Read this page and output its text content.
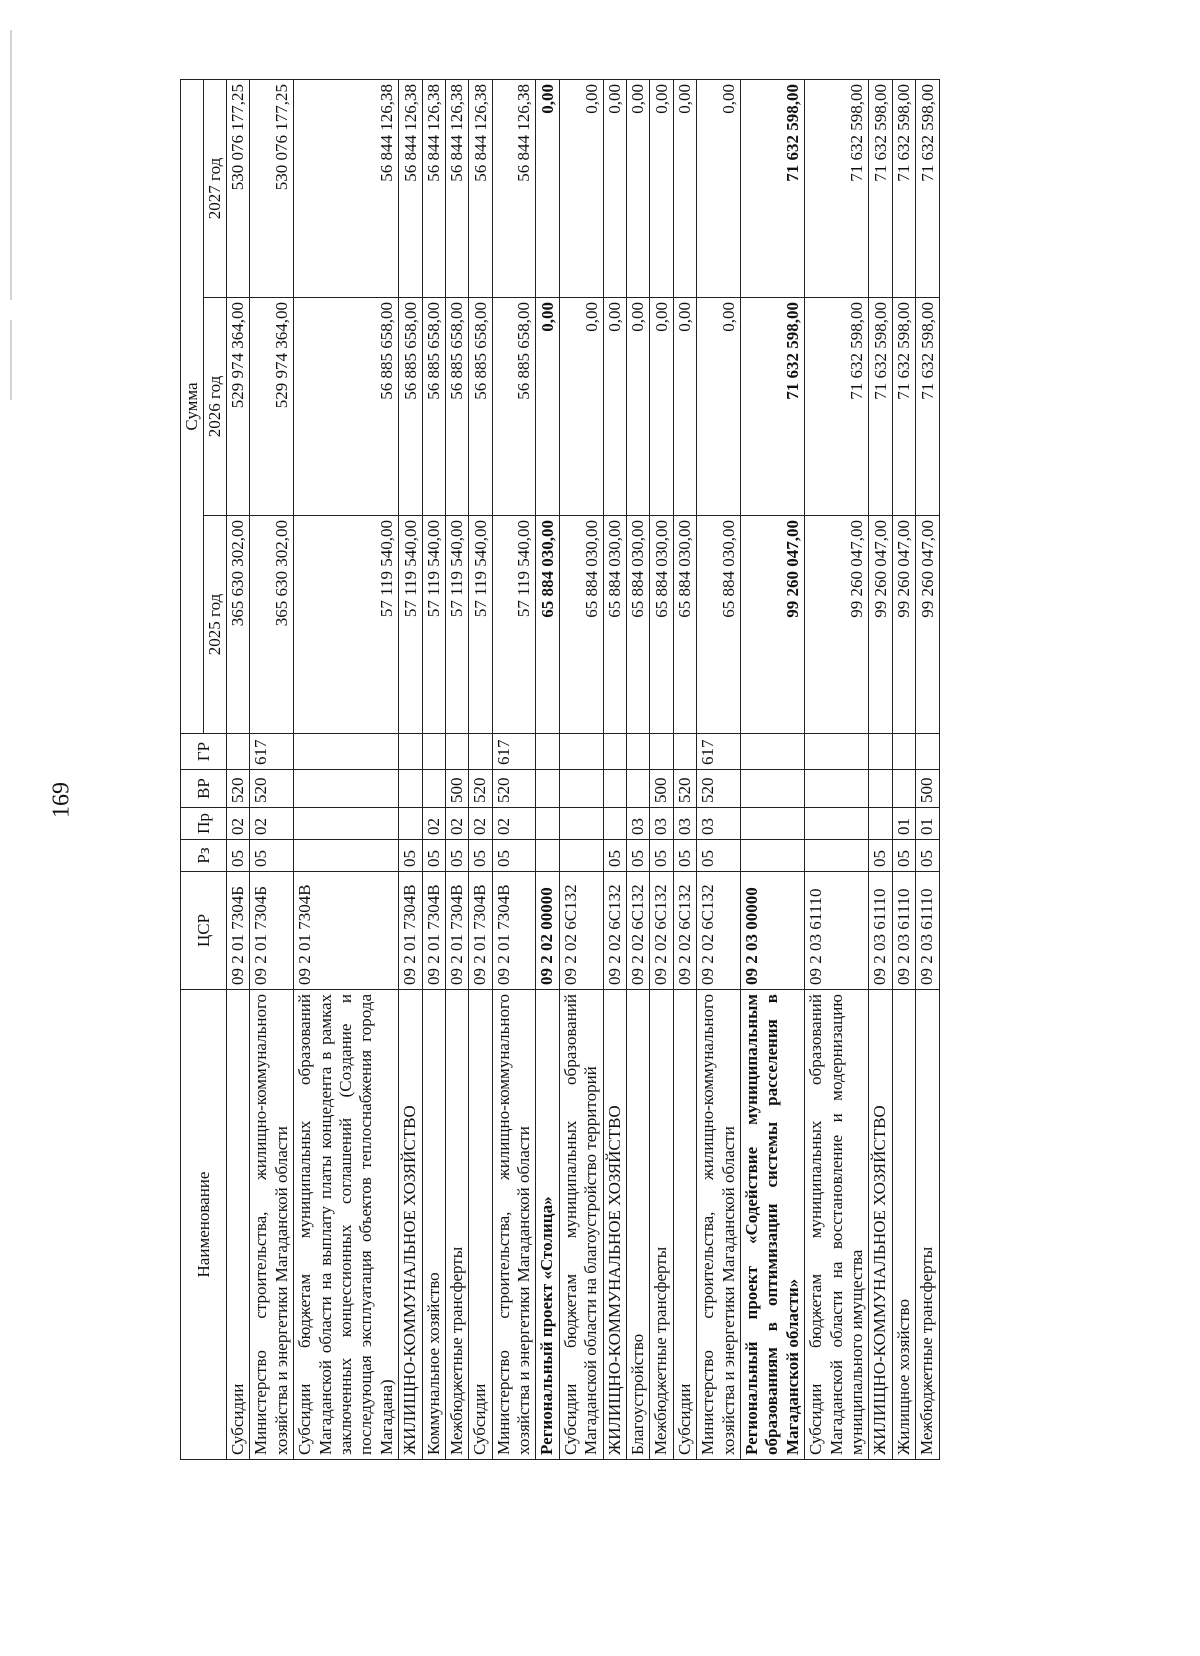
169
Наименование	ЦСР	Рз	Пр	ВР	ГР	Сумма		
						2025 год	2026 год	2027 год
Субсидии	09 2 01 7304Б	05	02	520		365 630 302,00	529 974 364,00	530 076 177,25
Министерство строительства, жилищно-коммунального хозяйства и энергетики Магаданской области	09 2 01 7304Б	05	02	520	617	365 630 302,00	529 974 364,00	530 076 177,25
Субсидии бюджетам муниципальных образований Магаданской области на выплату платы концедента в рамках заключенных концессионных соглашений (Создание и последующая эксплуатация объектов теплоснабжения города Магадана)	09 2 01 7304В					57 119 540,00	56 885 658,00	56 844 126,38
ЖИЛИЩНО-КОММУНАЛЬНОЕ ХОЗЯЙСТВО	09 2 01 7304В	05				57 119 540,00	56 885 658,00	56 844 126,38
Коммунальное хозяйство	09 2 01 7304В	05	02			57 119 540,00	56 885 658,00	56 844 126,38
Межбюджетные трансферты	09 2 01 7304В	05	02	500		57 119 540,00	56 885 658,00	56 844 126,38
Субсидии	09 2 01 7304В	05	02	520		57 119 540,00	56 885 658,00	56 844 126,38
Министерство строительства, жилищно-коммунального хозяйства и энергетики Магаданской области	09 2 01 7304В	05	02	520	617	57 119 540,00	56 885 658,00	56 844 126,38
Региональный проект «Столица»	09 2 02 00000					65 884 030,00	0,00	0,00
Субсидии бюджетам муниципальных образований Магаданской области на благоустройство территорий	09 2 02 6С132					65 884 030,00	0,00	0,00
ЖИЛИЩНО-КОММУНАЛЬНОЕ ХОЗЯЙСТВО	09 2 02 6С132	05				65 884 030,00	0,00	0,00
Благоустройство	09 2 02 6С132	05	03			65 884 030,00	0,00	0,00
Межбюджетные трансферты	09 2 02 6С132	05	03	500		65 884 030,00	0,00	0,00
Субсидии	09 2 02 6С132	05	03	520		65 884 030,00	0,00	0,00
Министерство строительства, жилищно-коммунального хозяйства и энергетики Магаданской области	09 2 02 6С132	05	03	520	617	65 884 030,00	0,00	0,00
Региональный проект «Содействие муниципальным образованиям в оптимизации системы расселения в Магаданской области»	09 2 03 00000					99 260 047,00	71 632 598,00	71 632 598,00
Субсидии бюджетам муниципальных образований Магаданской области на восстановление и модернизацию муниципального имущества	09 2 03 61110					99 260 047,00	71 632 598,00	71 632 598,00
ЖИЛИЩНО-КОММУНАЛЬНОЕ ХОЗЯЙСТВО	09 2 03 61110	05				99 260 047,00	71 632 598,00	71 632 598,00
Жилищное хозяйство	09 2 03 61110	05	01			99 260 047,00	71 632 598,00	71 632 598,00
Межбюджетные трансферты	09 2 03 61110	05	01	500		99 260 047,00	71 632 598,00	71 632 598,00
